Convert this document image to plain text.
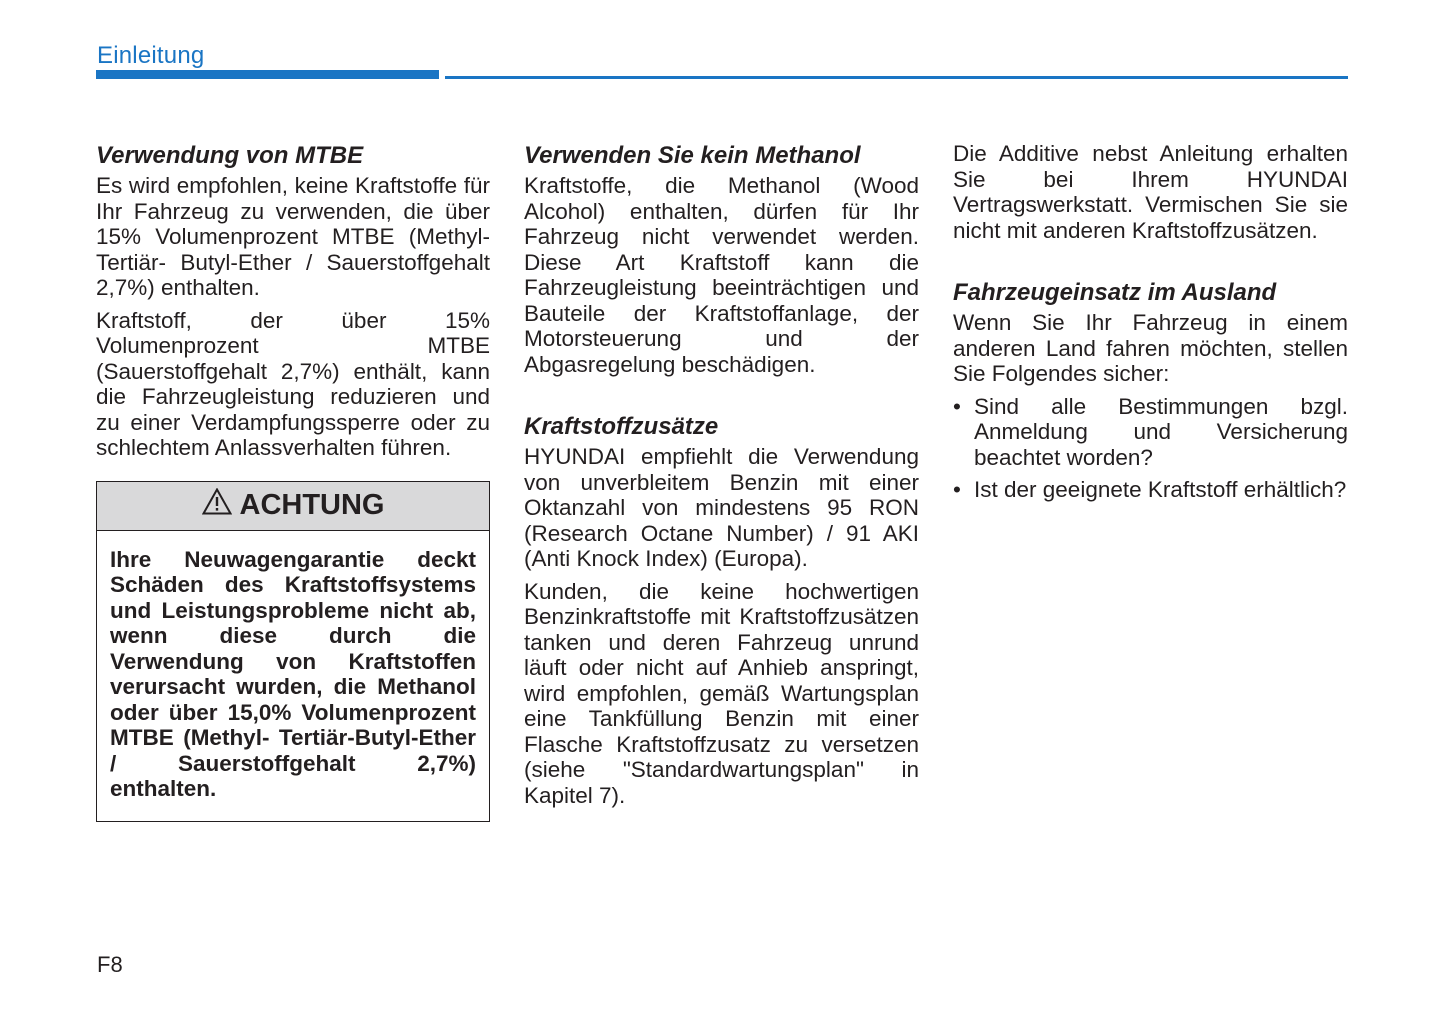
Einleitung
Verwendung von MTBE

Es wird empfohlen, keine Kraftstoffe für Ihr Fahrzeug zu verwenden, die über 15% Volumenprozent MTBE (Methyl-Tertiär- Butyl-Ether / Sauerstoffgehalt 2,7%) enthalten.

Kraftstoff, der über 15% Volumenprozent MTBE (Sauerstoffgehalt 2,7%) enthält, kann die Fahrzeugleistung reduzieren und zu einer Verdampfungssperre oder zu schlechtem Anlassverhalten führen.

ACHTUNG
Ihre Neuwagengarantie deckt Schäden des Kraftstoffsystems und Leistungsprobleme nicht ab, wenn diese durch die Verwendung von Kraftstoffen verursacht wurden, die Methanol oder über 15,0% Volumenprozent MTBE (Methyl- Tertiär-Butyl-Ether / Sauerstoffgehalt 2,7%) enthalten.
Verwenden Sie kein Methanol

Kraftstoffe, die Methanol (Wood Alcohol) enthalten, dürfen für Ihr Fahrzeug nicht verwendet werden. Diese Art Kraftstoff kann die Fahrzeugleistung beeinträchtigen und Bauteile der Kraftstoffanlage, der Motorsteuerung und der Abgasregelung beschädigen.

Kraftstoffzusätze

HYUNDAI empfiehlt die Verwendung von unverbleitem Benzin mit einer Oktanzahl von mindestens 95 RON (Research Octane Number) / 91 AKI (Anti Knock Index) (Europa).

Kunden, die keine hochwertigen Benzinkraftstoffe mit Kraftstoffzusätzen tanken und deren Fahrzeug unrund läuft oder nicht auf Anhieb anspringt, wird empfohlen, gemäß Wartungsplan eine Tankfüllung Benzin mit einer Flasche Kraftstoffzusatz zu versetzen (siehe "Standardwartungsplan" in Kapitel 7).

Die Additive nebst Anleitung erhalten Sie bei Ihrem HYUNDAI Vertragswerkstatt. Vermischen Sie sie nicht mit anderen Kraftstoffzusätzen.

Fahrzeugeinsatz im Ausland

Wenn Sie Ihr Fahrzeug in einem anderen Land fahren möchten, stellen Sie Folgendes sicher:

• Sind alle Bestimmungen bzgl. Anmeldung und Versicherung beachtet worden?
• Ist der geeignete Kraftstoff erhältlich?
F8
